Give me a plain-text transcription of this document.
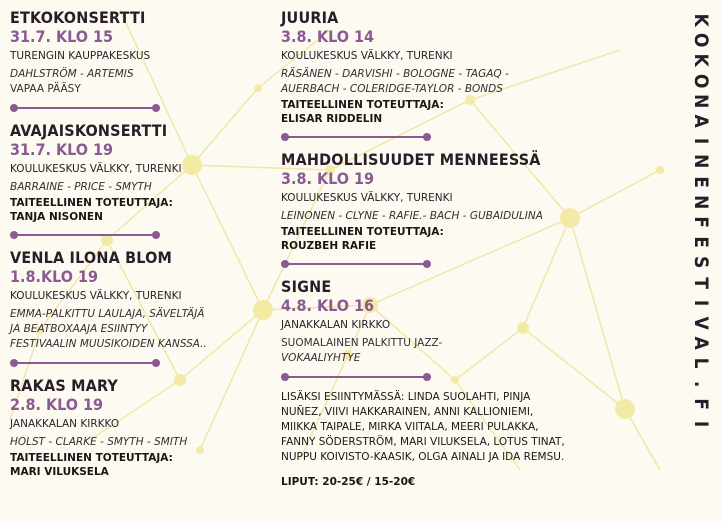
ETKOKONSERTTI
31.7. KLO 15
TURENGIN KAUPPAKESKUS
DAHLSTRÖM - ARTEMIS
VAPAA PÄÄSY
AVAJAISKONSERTTI
31.7. KLO 19
KOULUKESKUS VÄLKKY, TURENKI
BARRAINE - PRICE - SMYTH
TAITEELLINEN TOTEUTTAJA:
TANJA NISONEN
VENLA ILONA BLOM
1.8.KLO 19
KOULUKESKUS VÄLKKY, TURENKI
EMMA-PALKITTU LAULAJA, SÄVELTÄJÄ
JA BEATBOXAAJA ESIINTYY
FESTIVAALIN MUUSIKOIDEN KANSSA..
RAKAS MARY
2.8. KLO 19
JANAKKALAN KIRKKO
HOLST - CLARKE - SMYTH - SMITH
TAITEELLINEN TOTEUTTAJA:
MARI VILUKSELA
JUURIA
3.8. KLO 14
KOULUKESKUS VÄLKKY, TURENKI
RÄSÄNEN - DARVISHI - BOLOGNE - TAGAQ -
AUERBACH - COLERIDGE-TAYLOR - BONDS
TAITEELLINEN TOTEUTTAJA:
ELISAR RIDDELIN
MAHDOLLISUUDET MENNEESSÄ
3.8. KLO 19
KOULUKESKUS VÄLKKY, TURENKI
LEINONEN - CLYNE - RAFIE.- BACH - GUBAIDULINA
TAITEELLINEN TOTEUTTAJA:
ROUZBEH RAFIE
SIGNE
4.8. KLO 16
JANAKKALAN KIRKKO
SUOMALAINEN PALKITTU JAZZ-
VOKAALIYHTYE
LISÄKSI ESIINTYMÄSSÄ: LINDA SUOLAHTI, PINJA
NUÑEZ, VIIVI HAKKARAINEN, ANNI KALLIONIEMI,
MIIKKA TAIPALE, MIRKA VIITALA, MEERI PULAKKA,
FANNY SÖDERSTRÖM, MARI VILUKSELA, LOTUS TINAT,
NUPPU KOIVISTO-KAASIK, OLGA AINALI JA IDA REMSU.
LIPUT: 20-25€ / 15-20€
K
O
K
O
N
A
I
N
E
N
F
E
S
T
I
V
A
L
.
F
I
